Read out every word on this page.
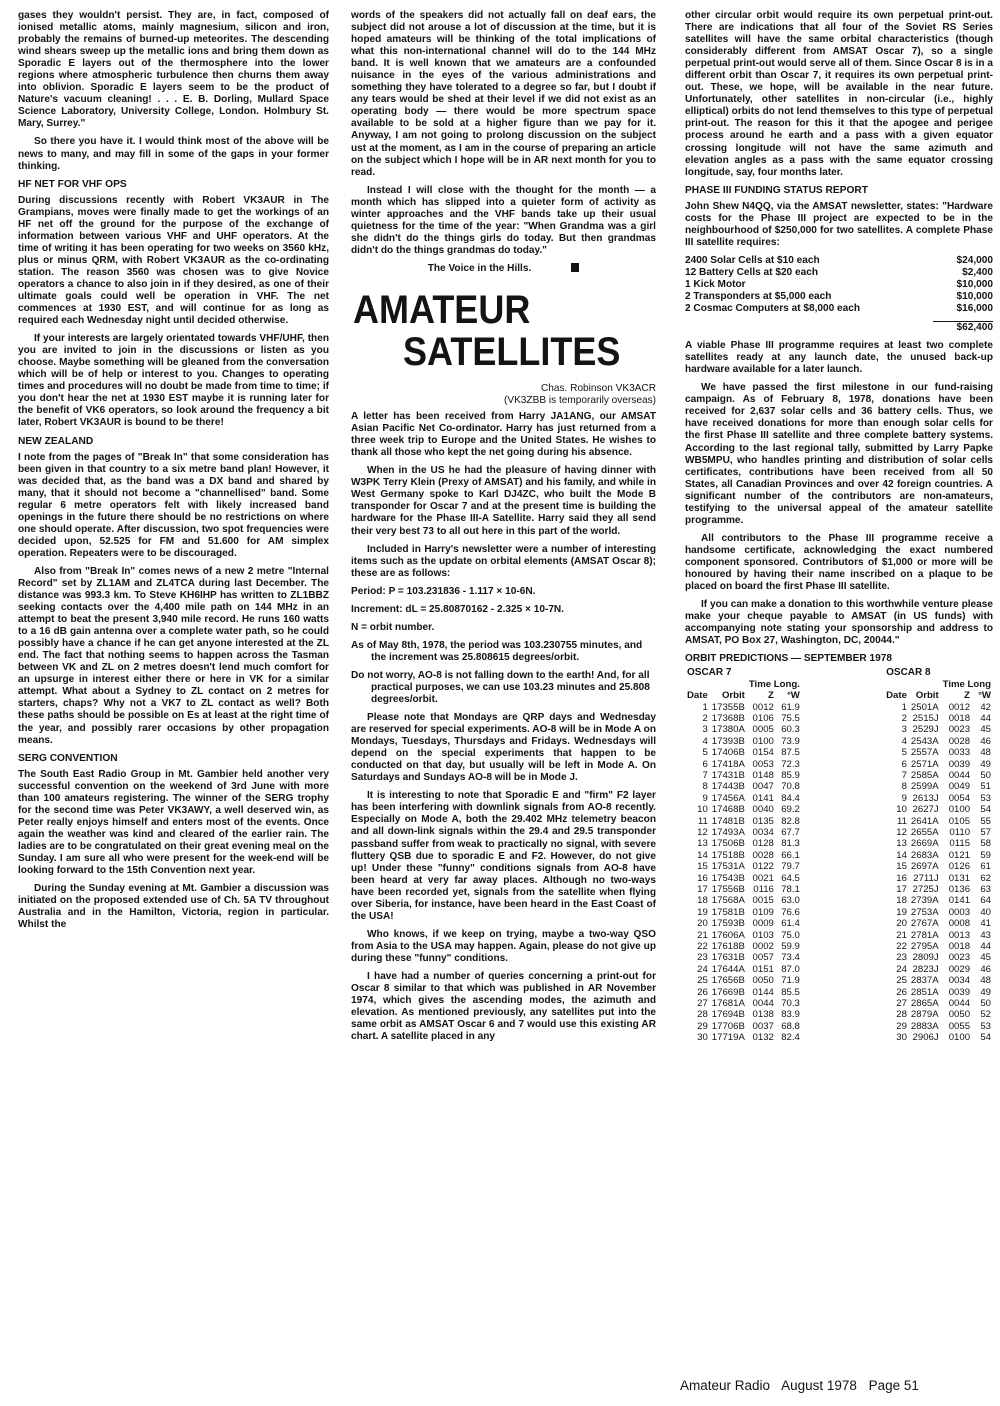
gases they wouldn't persist. They are, in fact, composed of ionised metallic atoms, mainly magnesium, silicon and iron, probably the remains of burned-up meteorites. The descending wind shears sweep up the metallic ions and bring them down as Sporadic E layers out of the thermosphere into the lower regions where atmospheric turbulence then churns them away into oblivion. Sporadic E layers seem to be the product of Nature's vacuum cleaning! . . . E. B. Dorling, Mullard Space Science Laboratory, University College, London. Holmbury St. Mary, Surrey."

So there you have it. I would think most of the above will be news to many, and may fill in some of the gaps in your former thinking.

HF NET FOR VHF OPS

During discussions recently with Robert VK3AUR in The Grampians, moves were finally made to get the workings of an HF net off the ground for the purpose of the exchange of information between various VHF and UHF operators. At the time of writing it has been operating for two weeks on 3560 kHz, plus or minus QRM, with Robert VK3AUR as the co-ordinating station. The reason 3560 was chosen was to give Novice operators a chance to also join in if they desired, as one of their ultimate goals could well be operation in VHF. The net commences at 1930 EST, and will continue for as long as required each Wednesday night until decided otherwise.

If your interests are largely orientated towards VHF/UHF, then you are invited to join in the discussions or listen as you choose. Maybe something will be gleaned from the conversation which will be of help or interest to you. Changes to operating times and procedures will no doubt be made from time to time; if you don't hear the net at 1930 EST maybe it is running later for the benefit of VK6 operators, so look around the frequency a bit later, Robert VK3AUR is bound to be there!

NEW ZEALAND

I note from the pages of "Break In" that some consideration has been given in that country to a six metre band plan! However, it was decided that, as the band was a DX band and shared by many, that it should not become a "channellised" band. Some regular 6 metre operators felt with likely increased band openings in the future there should be no restrictions on where one should operate. After discussion, two spot frequencies were decided upon, 52.525 for FM and 51.600 for AM simplex operation. Repeaters were to be discouraged.

Also from "Break In" comes news of a new 2 metre "Internal Record" set by ZL1AM and ZL4TCA during last December. The distance was 993.3 km. To Steve KH6IHP has written to ZL1BBZ seeking contacts over the 4,400 mile path on 144 MHz in an attempt to beat the present 3,940 mile record. He runs 160 watts to a 16 dB gain antenna over a complete water path, so he could possibly have a chance if he can get anyone interested at the ZL end. The fact that nothing seems to happen across the Tasman between VK and ZL on 2 metres doesn't lend much comfort for an upsurge in interest either there or here in VK for a similar attempt. What about a Sydney to ZL contact on 2 metres for starters, chaps? Why not a VK7 to ZL contact as well? Both these paths should be possible on Es at least at the right time of the year, and possibly rarer occasions by other propagation means.

SERG CONVENTION

The South East Radio Group in Mt. Gambier held another very successful convention on the weekend of 3rd June with more than 100 amateurs registering. The winner of the SERG trophy for the second time was Peter VK3AWY, a well deserved win, as Peter really enjoys himself and enters most of the events. Once again the weather was kind and cleared of the earlier rain. The ladies are to be congratulated on their great evening meal on the Sunday. I am sure all who were present for the week-end will be looking forward to the 15th Convention next year.

During the Sunday evening at Mt. Gambier a discussion was initiated on the proposed extended use of Ch. 5A TV throughout Australia and in the Hamilton, Victoria, region in particular. Whilst the

words of the speakers did not actually fall on deaf ears, the subject did not arouse a lot of discussion at the time, but it is hoped amateurs will be thinking of the total implications of what this non-international channel will do to the 144 MHz band. It is well known that we amateurs are a confounded nuisance in the eyes of the various administrations and something they have tolerated to a degree so far, but I doubt if any tears would be shed at their level if we did not exist as an operating body — there would be more spectrum space available to be sold at a higher figure than we pay for it. Anyway, I am not going to prolong discussion on the subject ust at the moment, as I am in the course of preparing an article on the subject which I hope will be in AR next month for you to read.

Instead I will close with the thought for the month — a month which has slipped into a quieter form of activity as winter approaches and the VHF bands take up their usual quietness for the time of the year: "When Grandma was a girl she didn't do the things girls do today. But then grandmas didn't do the things grandmas do today."

The Voice in the Hills.

AMATEUR
SATELLITES

Chas. Robinson VK3ACR

(VK3ZBB is temporarily overseas)

A letter has been received from Harry JA1ANG, our AMSAT Asian Pacific Net Co-ordinator. Harry has just returned from a three week trip to Europe and the United States. He wishes to thank all those who kept the net going during his absence.

When in the US he had the pleasure of having dinner with W3PK Terry Klein (Prexy of AMSAT) and his family, and while in West Germany spoke to Karl DJ4ZC, who built the Mode B transponder for Oscar 7 and at the present time is building the hardware for the Phase III-A Satellite. Harry said they all send their very best 73 to all out here in this part of the world.

Included in Harry's newsletter were a number of interesting items such as the update on orbital elements (AMSAT Oscar 8); these are as follows:

Period: P = 103.231836 - 1.117 × 10-6N.

Increment: dL = 25.80870162 - 2.325 × 10-7N.

N = orbit number.

As of May 8th, 1978, the period was 103.230755 minutes, and the increment was 25.808615 degrees/orbit.

Do not worry, AO-8 is not falling down to the earth! And, for all practical purposes, we can use 103.23 minutes and 25.808 degrees/orbit.

Please note that Mondays are QRP days and Wednesday are reserved for special experiments. AO-8 will be in Mode A on Mondays, Tuesdays, Thursdays and Fridays. Wednesdays will depend on the special experiments that happen to be conducted on that day, but usually will be left in Mode A. On Saturdays and Sundays AO-8 will be in Mode J.

It is interesting to note that Sporadic E and "firm" F2 layer has been interfering with downlink signals from AO-8 recently. Especially on Mode A, both the 29.402 MHz telemetry beacon and all down-link signals within the 29.4 and 29.5 transponder passband suffer from weak to practically no signal, with severe fluttery QSB due to sporadic E and F2. However, do not give up! Under these "funny" conditions signals from AO-8 have been heard at very far away places. Although no two-ways have been recorded yet, signals from the satellite when flying over Siberia, for instance, have been heard in the East Coast of the USA!

Who knows, if we keep on trying, maybe a two-way QSO from Asia to the USA may happen. Again, please do not give up during these "funny" conditions.

I have had a number of queries concerning a print-out for Oscar 8 similar to that which was published in AR November 1974, which gives the ascending modes, the azimuth and elevation. As mentioned previously, any satellites put into the same orbit as AMSAT Oscar 6 and 7 would use this existing AR chart. A satellite placed in any

other circular orbit would require its own perpetual print-out. There are indications that all four of the Soviet RS Series satellites will have the same orbital characteristics (though considerably different from AMSAT Oscar 7), so a single perpetual print-out would serve all of them. Since Oscar 8 is in a different orbit than Oscar 7, it requires its own perpetual print-out. These, we hope, will be available in the near future. Unfortunately, other satellites in non-circular (i.e., highly elliptical) orbits do not lend themselves to this type of perpetual print-out. The reason for this it that the apogee and perigee process around he earth and a pass with a given equator crossing longitude will not have the same azimuth and elevation angles as a pass with the same equator crossing longitude, say, four months later.

PHASE III FUNDING STATUS REPORT

John Shew N4QQ, via the AMSAT newsletter, states: "Hardware costs for the Phase III project are expected to be in the neighbourhood of $250,000 for two satellites. A complete Phase III satellite requires:

2400 Solar Cells at $10 each	$24,000
12 Battery Cells at $20 each	$2,400
1 Kick Motor	$10,000
2 Transponders at $5,000 each	$10,000
2 Cosmac Computers at $8,000 each	$16,000
$62,400

A viable Phase III programme requires at least two complete satellites ready at any launch date, the unused back-up hardware available for a later launch.

We have passed the first milestone in our fund-raising campaign. As of February 8, 1978, donations have been received for 2,637 solar cells and 36 battery cells. Thus, we have received donations for more than enough solar cells for the first Phase III satellite and three complete battery systems. According to the last regional tally, submitted by Larry Papke WB5MPU, who handles printing and distribution of solar cells certificates, contributions have been received from all 50 States, all Canadian Provinces and over 42 foreign countries. A significant number of the contributors are non-amateurs, testifying to the universal appeal of the amateur satellite programme.

All contributors to the Phase III programme receive a handsome certificate, acknowledging the exact numbered component sponsored. Contributors of $1,000 or more will be honoured by having their name inscribed on a plaque to be placed on board the first Phase III satellite.

If you can make a donation to this worthwhile venture please make your cheque payable to AMSAT (in US funds) with accompanying note stating your sponsorship and address to AMSAT, PO Box 27, Washington, DC, 20044."

ORBIT PREDICTIONS — SEPTEMBER 1978
OSCAR 7			
		Time Long.	
Date	Orbit	Z	°W
1	17355B	0012	61.9
2	17368B	0106	75.5
3	17380A	0005	60.3
4	17393B	0100	73.9
5	17406B	0154	87.5
6	17418A	0053	72.3
7	17431B	0148	85.9
8	17443B	0047	70.8
9	17456A	0141	84.4
10	17468B	0040	69.2
11	17481B	0135	82.8
12	17493A	0034	67.7
13	17506B	0128	81.3
14	17518B	0028	66.1
15	17531A	0122	79.7
16	17543B	0021	64.5
17	17556B	0116	78.1
18	17568A	0015	63.0
19	17581B	0109	76.6
20	17593B	0009	61.4
21	17606A	0103	75.0
22	17618B	0002	59.9
23	17631B	0057	73.4
24	17644A	0151	87.0
25	17656B	0050	71.9
26	17669B	0144	85.5
27	17681A	0044	70.3
28	17694B	0138	83.9
29	17706B	0037	68.8
30	17719A	0132	82.4
OSCAR 8			
		Time Long	
Date	Orbit	Z	°W
1	2501A	0012	42
2	2515J	0018	44
3	2529J	0023	45
4	2543A	0028	46
5	2557A	0033	48
6	2571A	0039	49
7	2585A	0044	50
8	2599A	0049	51
9	2613J	0054	53
10	2627J	0100	54
11	2641A	0105	55
12	2655A	0110	57
13	2669A	0115	58
14	2683A	0121	59
15	2697A	0126	61
16	2711J	0131	62
17	2725J	0136	63
18	2739A	0141	64
19	2753A	0003	40
20	2767A	0008	41
21	2781A	0013	43
22	2795A	0018	44
23	2809J	0023	45
24	2823J	0029	46
25	2837A	0034	48
26	2851A	0039	49
27	2865A	0044	50
28	2879A	0050	52
29	2883A	0055	53
30	2906J	0100	54
Amateur Radio August 1978 Page 51
